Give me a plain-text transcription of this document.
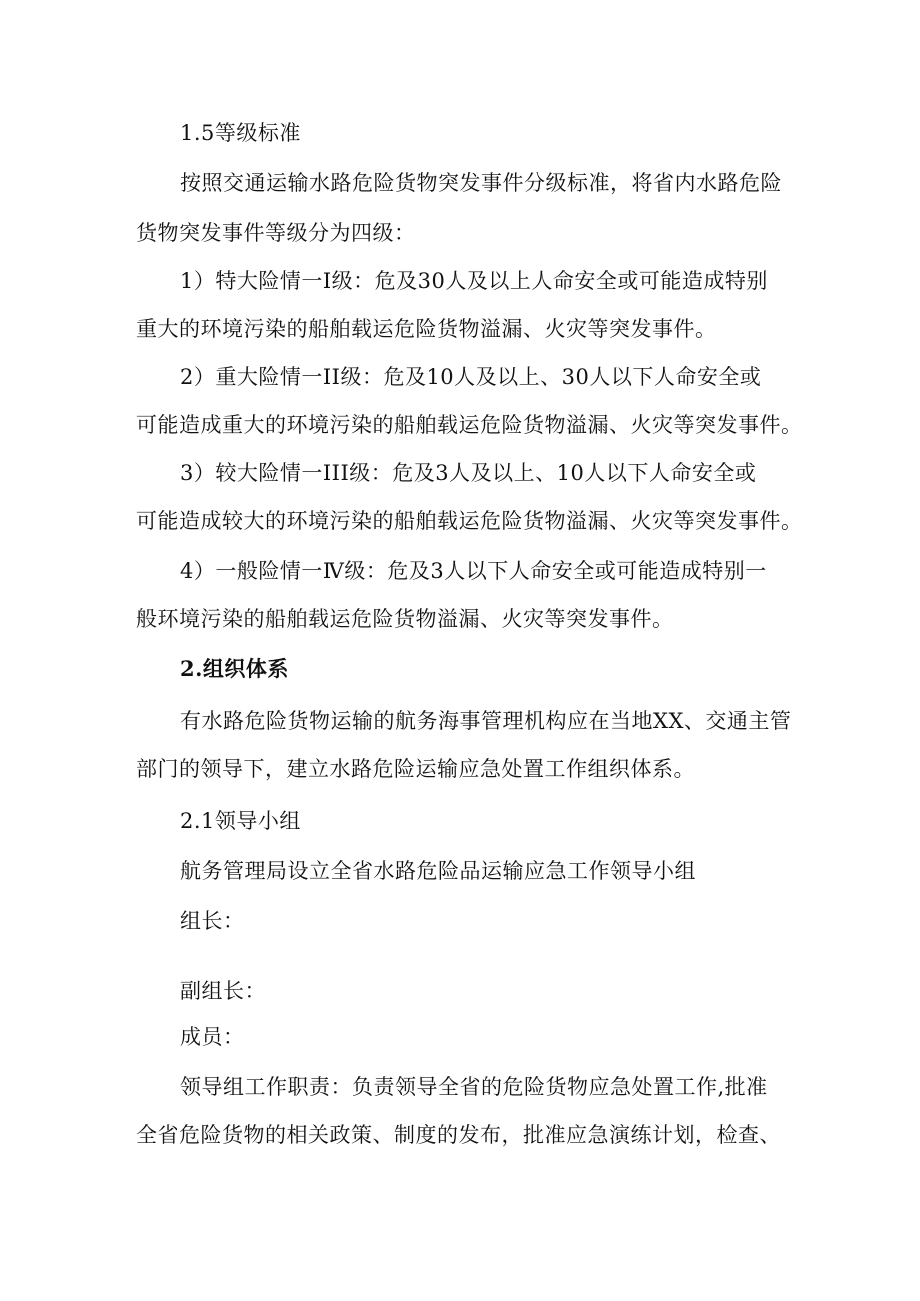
1.5等级标准
按照交通运输水路危险货物突发事件分级标准，将省内水路危险
货物突发事件等级分为四级：
1）特大险情一Ⅰ级：危及30人及以上人命安全或可能造成特别
重大的环境污染的船舶载运危险货物溢漏、火灾等突发事件。
2）重大险情一II级：危及10人及以上、30人以下人命安全或
可能造成重大的环境污染的船舶载运危险货物溢漏、火灾等突发事件。
3）较大险情一III级：危及3人及以上、10人以下人命安全或
可能造成较大的环境污染的船舶载运危险货物溢漏、火灾等突发事件。
4）一般险情一Ⅳ级：危及3人以下人命安全或可能造成特别一
般环境污染的船舶载运危险货物溢漏、火灾等突发事件。
2.组织体系
有水路危险货物运输的航务海事管理机构应在当地XX、交通主管
部门的领导下，建立水路危险运输应急处置工作组织体系。
2.1领导小组
航务管理局设立全省水路危险品运输应急工作领导小组
组长：
副组长：
成员：
领导组工作职责：负责领导全省的危险货物应急处置工作,批准
全省危险货物的相关政策、制度的发布，批准应急演练计划，检查、
